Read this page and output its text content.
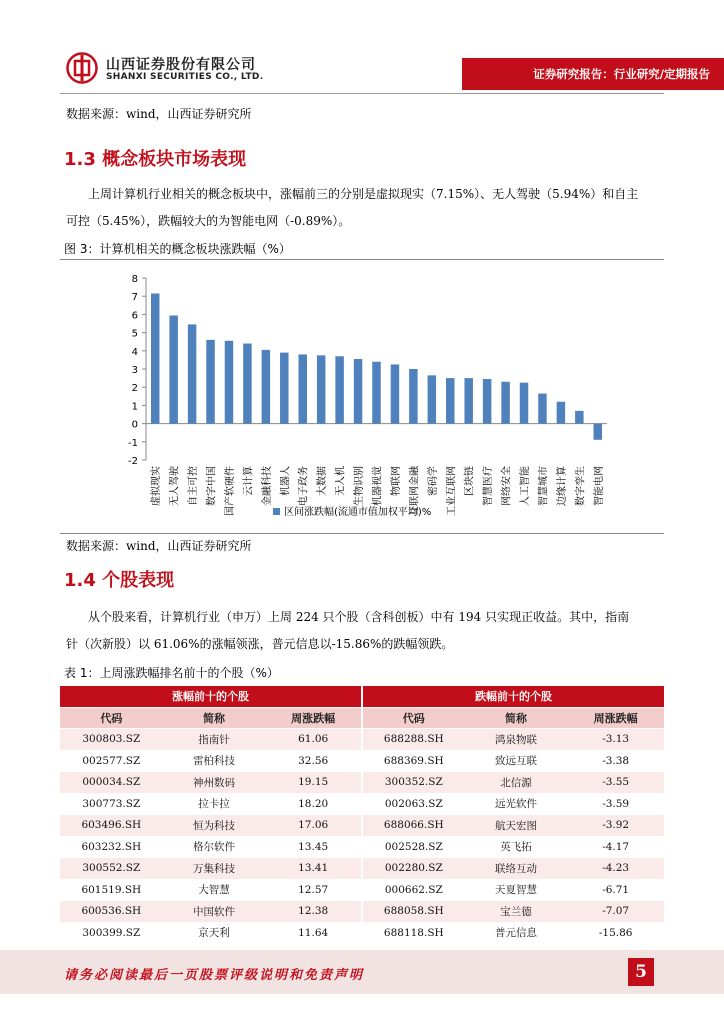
山西证券股份有限公司
SHANXI SECURITIES CO., LTD.	证券研究报告：行业研究/定期报告
数据来源：wind，山西证券研究所
1.3 概念板块市场表现
上周计算机行业相关的概念板块中，涨幅前三的分别是虚拟现实（7.15%）、无人驾驶（5.94%）和自主
可控（5.45%），跌幅较大的为智能电网（-0.89%）。
图 3：计算机相关的概念板块涨跌幅（%）
-2
-1
0
1
2
3
4
5
6
7
8
虚拟现实 无人驾驶 自主可控 数字中国 国产软硬件 云计算 金融科技 机器人 电子政务 大数据 无人机 生物识别 机器视觉 物联网 互联网金融 密码学 工业互联网 区块链 智慧医疗 网络安全 人工智能 智慧城市 边缘计算 数字孪生 智能电网
区间涨跌幅(流通市值加权平均)%
数据来源：wind，山西证券研究所
1.4 个股表现
从个股来看，计算机行业（申万）上周 224 只个股（含科创板）中有 194 只实现正收益。其中，指南
针（次新股）以 61.06%的涨幅领涨，普元信息以-15.86%的跌幅领跌。
表 1：上周涨跌幅排名前十的个股（%）
涨幅前十的个股			跌幅前十的个股		
代码	简称	周涨跌幅	代码	简称	周涨跌幅
300803.SZ	指南针	61.06	688288.SH	鸿泉物联	-3.13
002577.SZ	雷柏科技	32.56	688369.SH	致远互联	-3.38
000034.SZ	神州数码	19.15	300352.SZ	北信源	-3.55
300773.SZ	拉卡拉	18.20	002063.SZ	远光软件	-3.59
603496.SH	恒为科技	17.06	688066.SH	航天宏图	-3.92
603232.SH	格尔软件	13.45	002528.SZ	英飞拓	-4.17
300552.SZ	万集科技	13.41	002280.SZ	联络互动	-4.23
601519.SH	大智慧	12.57	000662.SZ	天夏智慧	-6.71
600536.SH	中国软件	12.38	688058.SH	宝兰德	-7.07
300399.SZ	京天利	11.64	688118.SH	普元信息	-15.86
请务必阅读最后一页股票评级说明和免责声明	5
